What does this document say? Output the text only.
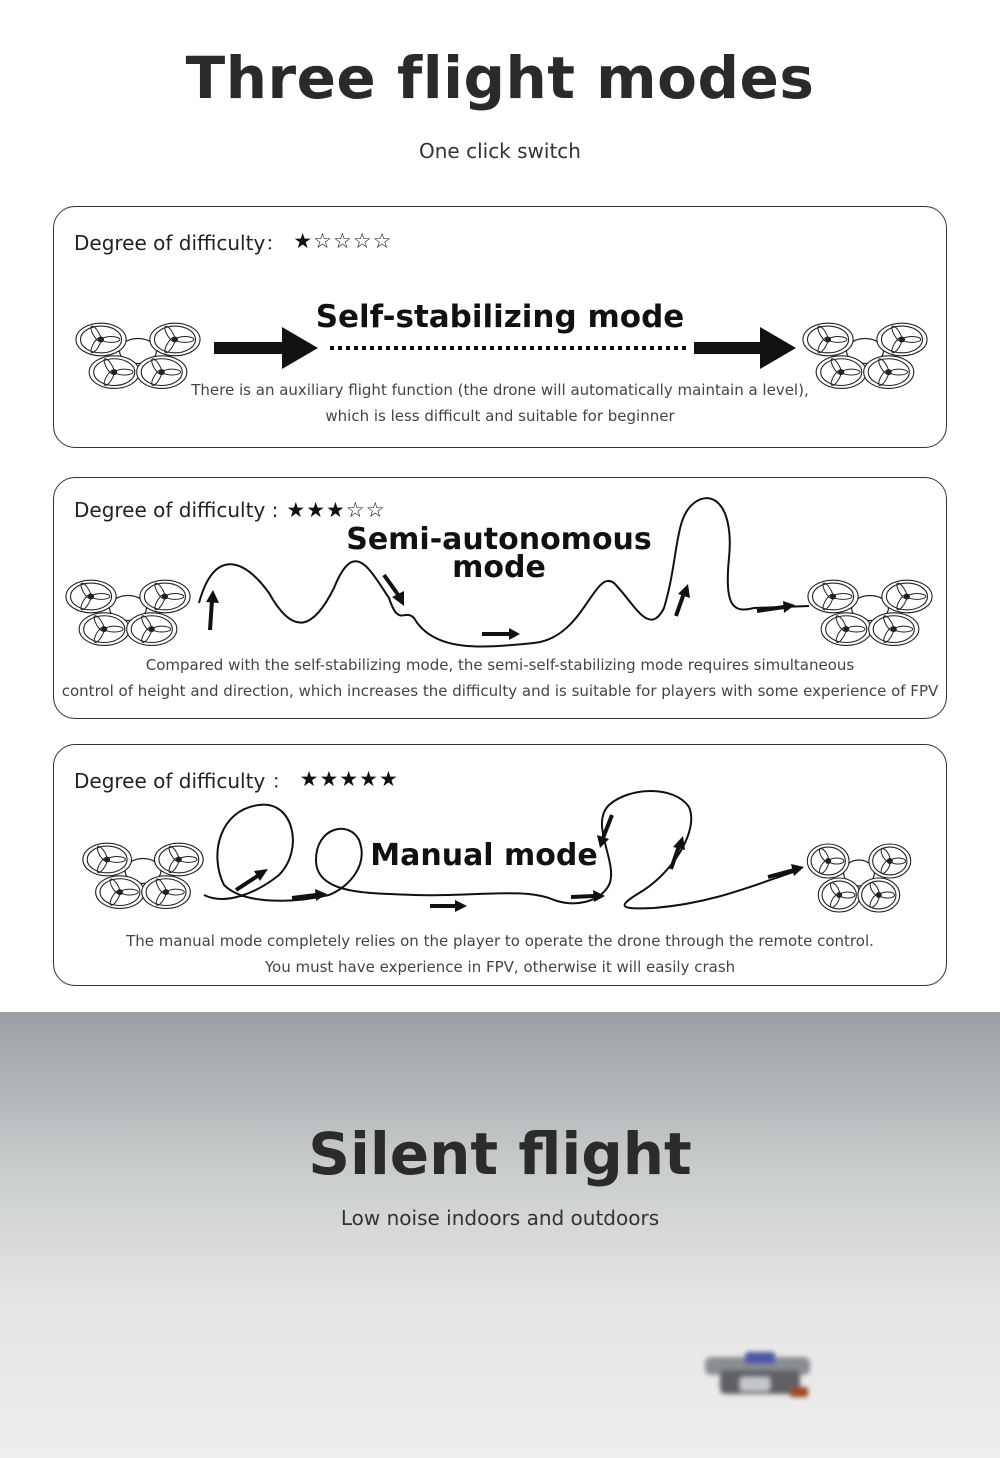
Three flight modes
One click switch
Degree of difficulty： ★ ☆ ☆ ☆ ☆
Self-stabilizing mode
There is an auxiliary flight function (the drone will automatically maintain a level),
which is less difficult and suitable for beginner
Degree of difficulty : ★ ★ ★ ☆ ☆
Semi-autonomous
mode
Compared with the self-stabilizing mode, the semi-self-stabilizing mode requires simultaneous
control of height and direction, which increases the difficulty and is suitable for players with some experience of FPV
Degree of difficulty ： ★ ★ ★ ★ ★
Manual mode
The manual mode completely relies on the player to operate the drone through the remote control.
You must have experience in FPV, otherwise it will easily crash
Silent flight
Low noise indoors and outdoors
